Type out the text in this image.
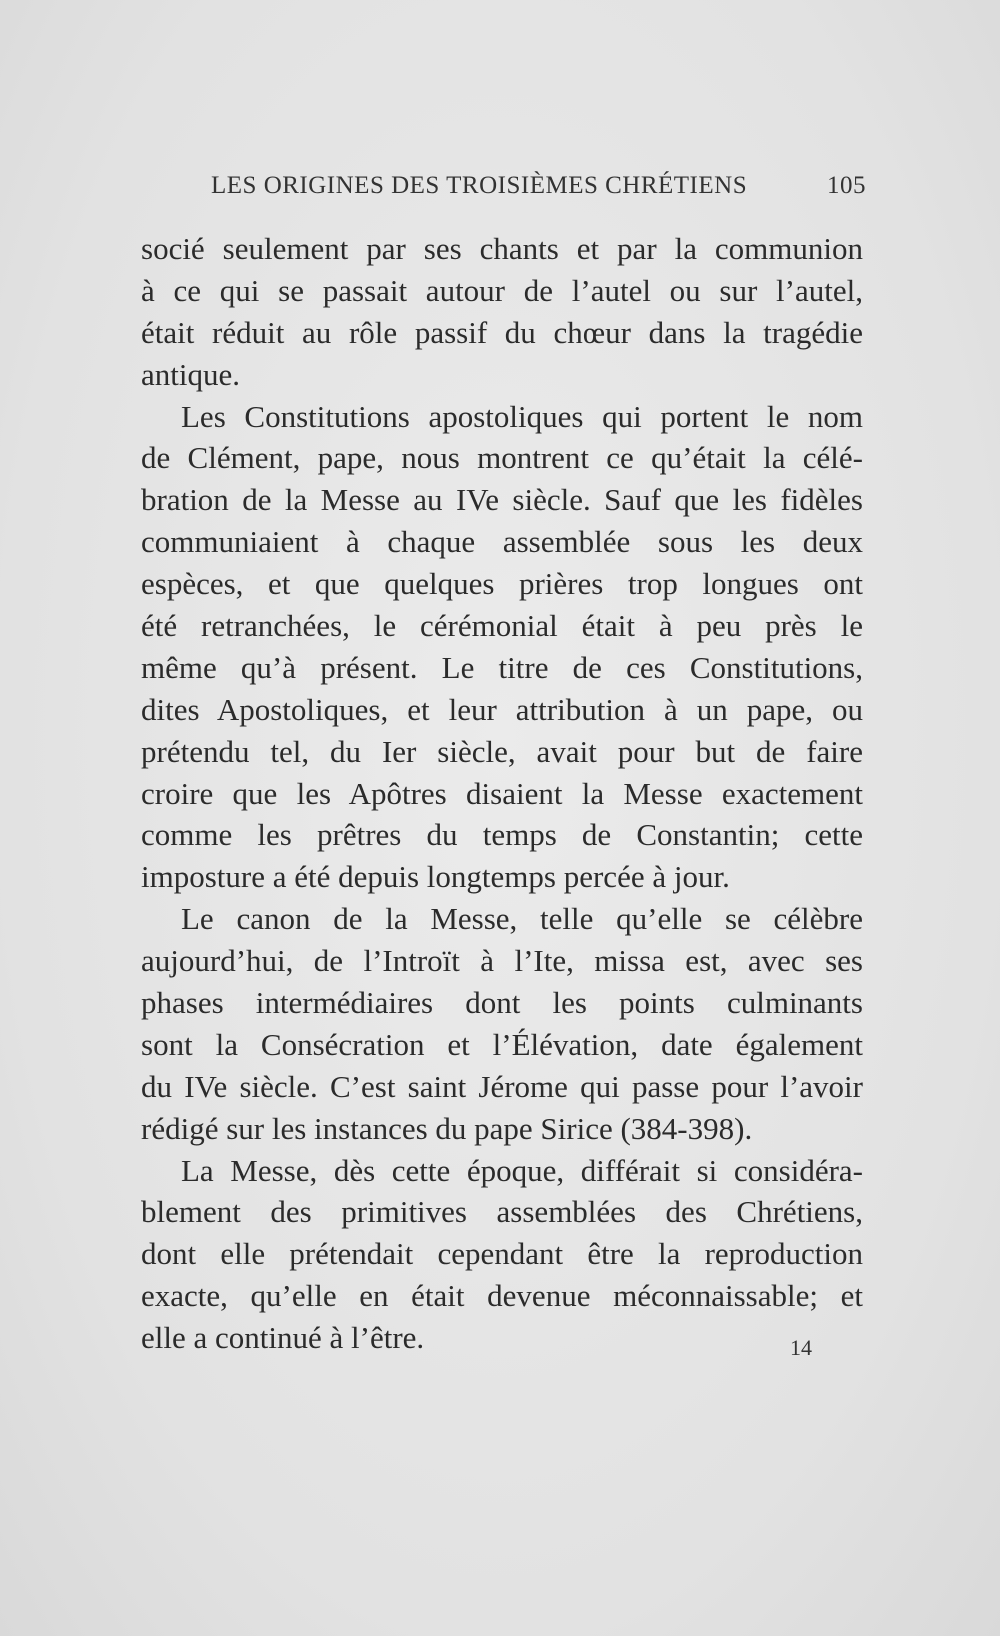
LES ORIGINES DES TROISIÈMES CHRÉTIENS	105
socié seulement par ses chants et par la communion
à ce qui se passait autour de l’autel ou sur l’autel,
était réduit au rôle passif du chœur dans la tragédie
antique.
Les Constitutions apostoliques qui portent le nom
de Clément, pape, nous montrent ce qu’était la célé-
bration de la Messe au IVe siècle. Sauf que les fidèles
communiaient à chaque assemblée sous les deux
espèces, et que quelques prières trop longues ont
été retranchées, le cérémonial était à peu près le
même qu’à présent. Le titre de ces Constitutions,
dites Apostoliques, et leur attribution à un pape, ou
prétendu tel, du Ier siècle, avait pour but de faire
croire que les Apôtres disaient la Messe exactement
comme les prêtres du temps de Constantin; cette
imposture a été depuis longtemps percée à jour.
Le canon de la Messe, telle qu’elle se célèbre
aujourd’hui, de l’Introït à l’Ite, missa est, avec ses
phases intermédiaires dont les points culminants
sont la Consécration et l’Élévation, date également
du IVe siècle. C’est saint Jérome qui passe pour l’avoir
rédigé sur les instances du pape Sirice (384-398).
La Messe, dès cette époque, différait si considéra-
blement des primitives assemblées des Chrétiens,
dont elle prétendait cependant être la reproduction
exacte, qu’elle en était devenue méconnaissable; et
elle a continué à l’être.	14
